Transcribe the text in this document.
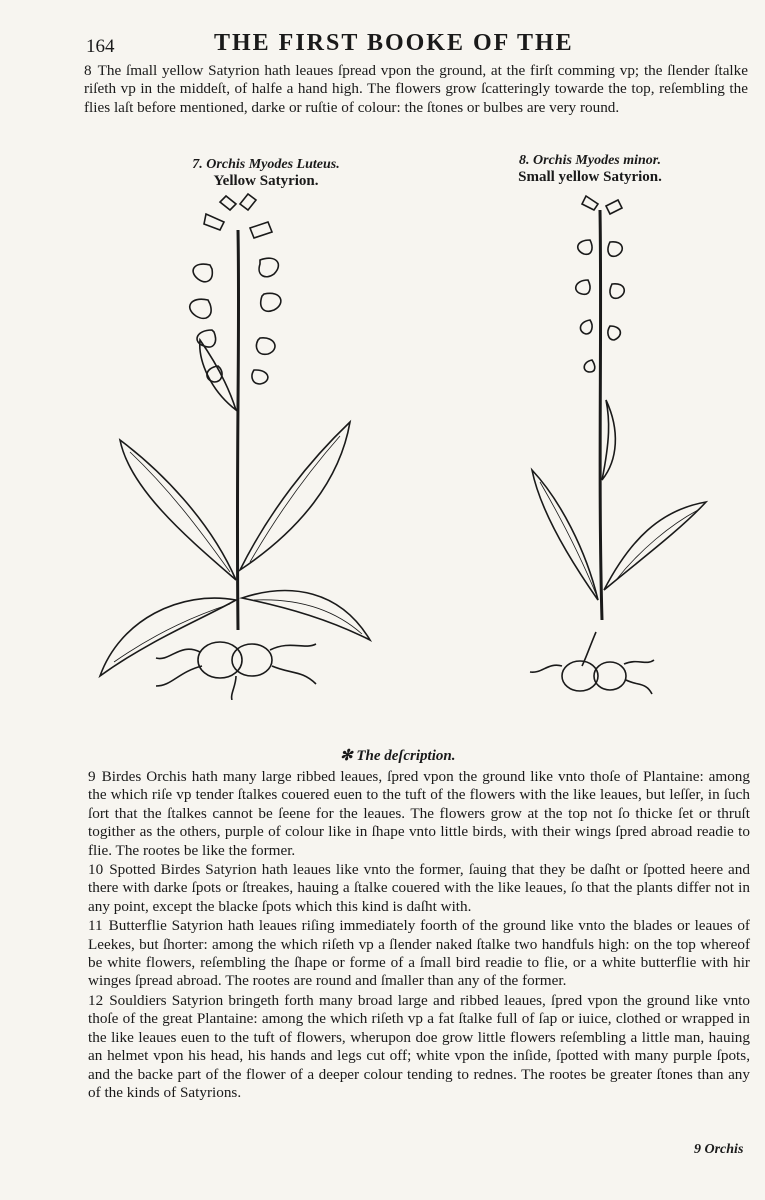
164	THE FIRST BOOKE OF THE
8 The ſmall yellow Satyrion hath leaues ſpread vpon the ground, at the firſt comming vp; the ſlender ſtalke riſeth vp in the middeſt, of halfe a hand high. The flowers grow ſcatteringly towarde the top, reſembling the flies laſt before mentioned, darke or ruſtie of colour: the ſtones or bulbes are very round.
7. Orchis Myodes Luteus.
Yellow Satyrion.
8. Orchis Myodes minor.
Small yellow Satyrion.
✻ The deſcription.

9 Birdes Orchis hath many large ribbed leaues, ſpred vpon the ground like vnto thoſe of Plantaine: among the which riſe vp tender ſtalkes couered euen to the tuft of the flowers with the like leaues, but leſſer, in ſuch ſort that the ſtalkes cannot be ſeene for the leaues. The flowers grow at the top not ſo thicke ſet or thruſt togither as the others, purple of colour like in ſhape vnto little birds, with their wings ſpred abroad readie to flie. The rootes be like the former.

10 Spotted Birdes Satyrion hath leaues like vnto the former, ſauing that they be daſht or ſpotted heere and there with darke ſpots or ſtreakes, hauing a ſtalke couered with the like leaues, ſo that the plants differ not in any point, except the blacke ſpots which this kind is daſht with.

11 Butterflie Satyrion hath leaues riſing immediately foorth of the ground like vnto the blades or leaues of Leekes, but ſhorter: among the which riſeth vp a ſlender naked ſtalke two handfuls high: on the top whereof be white flowers, reſembling the ſhape or forme of a ſmall bird readie to flie, or a white butterflie with hir winges ſpread abroad. The rootes are round and ſmaller than any of the former.

12 Souldiers Satyrion bringeth forth many broad large and ribbed leaues, ſpred vpon the ground like vnto thoſe of the great Plantaine: among the which riſeth vp a fat ſtalke full of ſap or iuice, clothed or wrapped in the like leaues euen to the tuft of flowers, wherupon doe grow little flowers reſembling a little man, hauing an helmet vpon his head, his hands and legs cut off; white vpon the inſide, ſpotted with many purple ſpots, and the backe part of the flower of a deeper colour tending to rednes. The rootes be greater ſtones than any of the kinds of Satyrions.

9 Orchis
